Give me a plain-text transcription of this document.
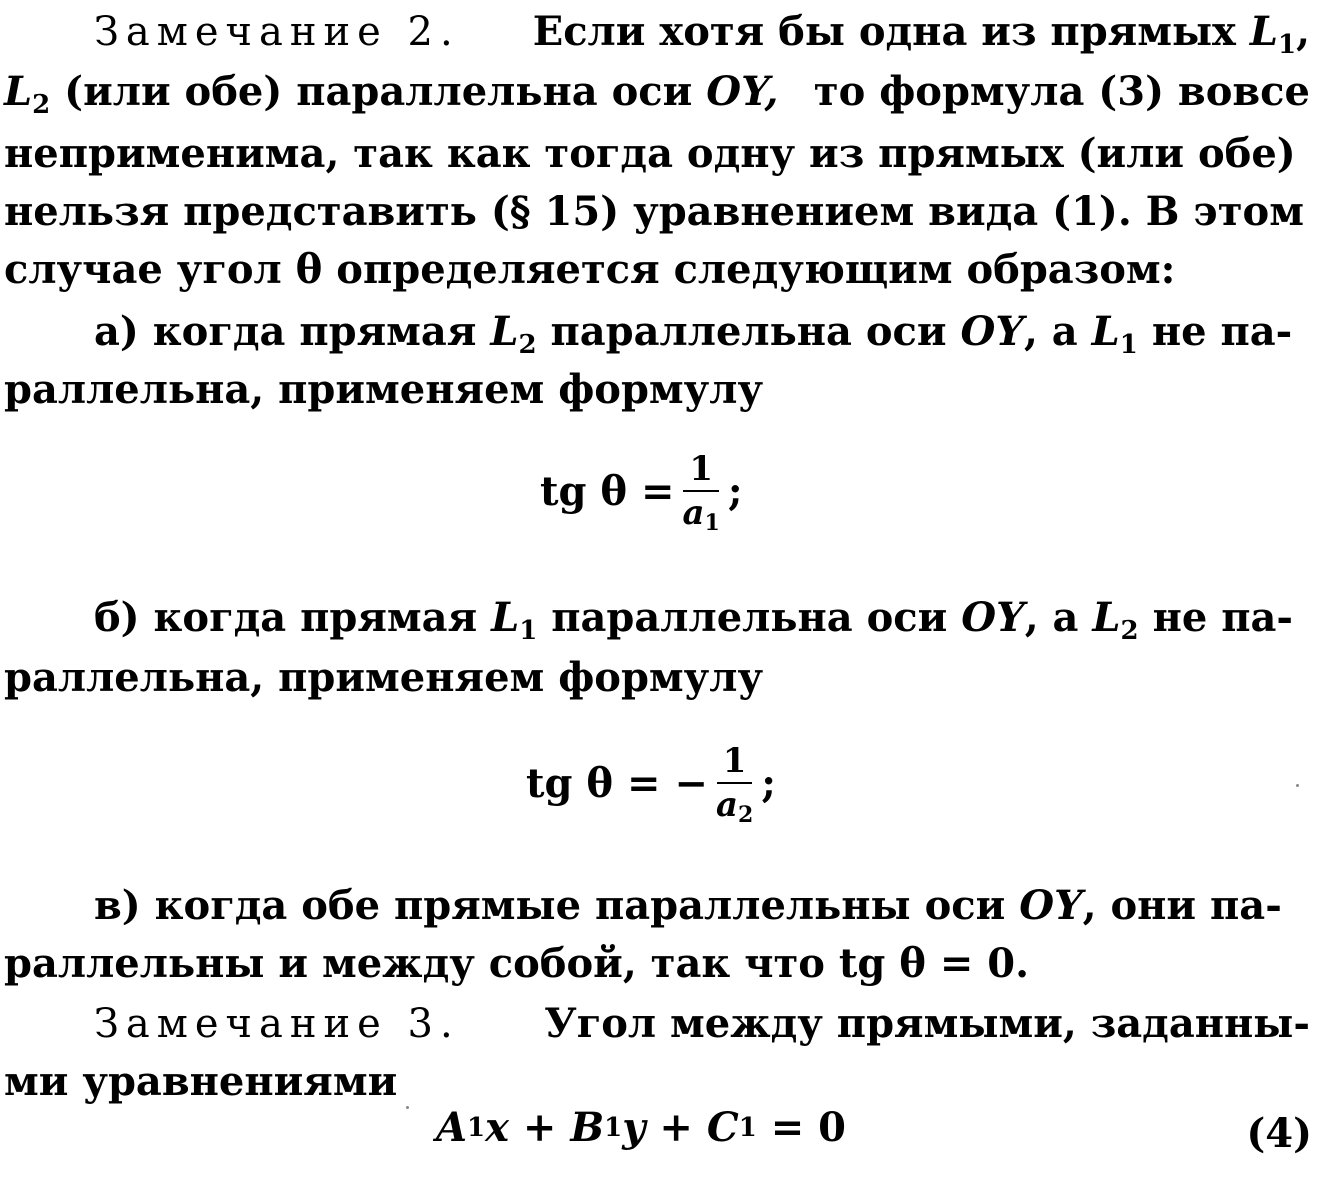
Замечание 2. Если хотя бы одна из прямых $L_1$,
$L_2$ (или обе) параллельна оси OY, то формула (3) вовсе
неприменима, так как тогда одну из прямых (или обе)
нельзя представить (§ 15) уравнением вида (1). В этом
случае угол θ определяется следующим образом:
а) когда прямая $L_2$ параллельна оси OY, а $L_1$ не па-
раллельна, применяем формулу
tg $\theta = \frac{1}{a_1}$ ;
б) когда прямая $L_1$ параллельна оси OY, а $L_2$ не па-
раллельна, применяем формулу
tg θ = − $\frac{1}{a_2}$ ;
в) когда обе прямые параллельны оси OY, они па-
раллельны и между собой, так что tg θ = 0.
Замечание 3. Угол между прямыми, заданны-
ми уравнениями
A 1 x + B 1 y + C 1 = 0	(4)
